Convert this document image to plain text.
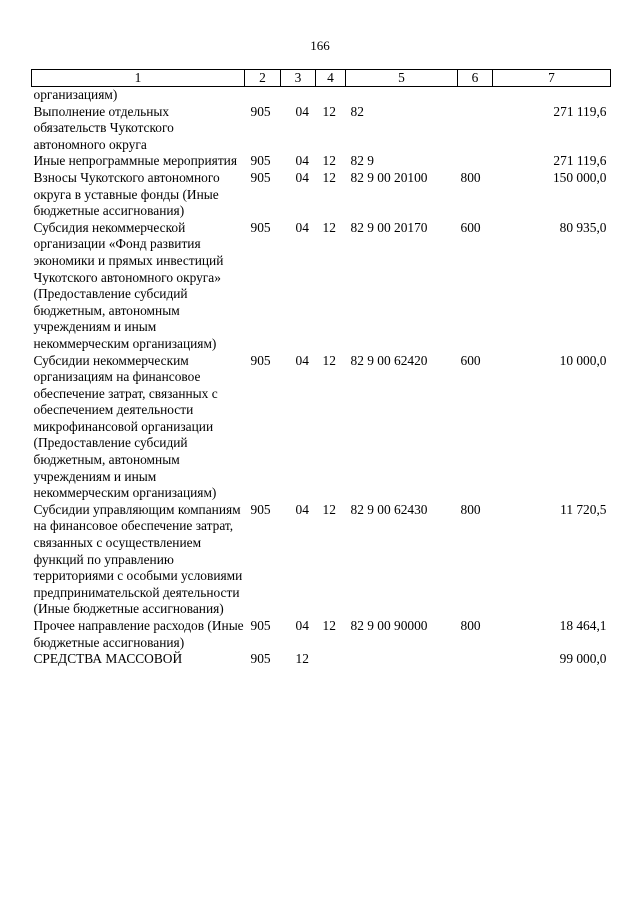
166
1	2	3	4	5	6	7
организациям)						
Выполнение отдельных обязательств Чукотского автономного округа	905	04	12	82		271 119,6
Иные непрограммные мероприятия	905	04	12	82 9		271 119,6
Взносы Чукотского автономного округа в уставные фонды (Иные бюджетные ассигнования)	905	04	12	82 9 00 20100	800	150 000,0
Субсидия некоммерческой организации «Фонд развития экономики и прямых инвестиций Чукотского автономного округа» (Предоставление субсидий бюджетным, автономным учреждениям и иным некоммерческим организациям)	905	04	12	82 9 00 20170	600	80 935,0
Субсидии некоммерческим организациям на финансовое обеспечение затрат, связанных с обеспечением деятельности микрофинансовой организации (Предоставление субсидий бюджетным, автономным учреждениям и иным некоммерческим организациям)	905	04	12	82 9 00 62420	600	10 000,0
Субсидии управляющим компаниям на финансовое обеспечение затрат, связанных с осуществлением функций по управлению территориями с особыми условиями предпринимательской деятельности (Иные бюджетные ассигнования)	905	04	12	82 9 00 62430	800	11 720,5
Прочее направление расходов (Иные бюджетные ассигнования)	905	04	12	82 9 00 90000	800	18 464,1
СРЕДСТВА МАССОВОЙ	905	12				99 000,0
